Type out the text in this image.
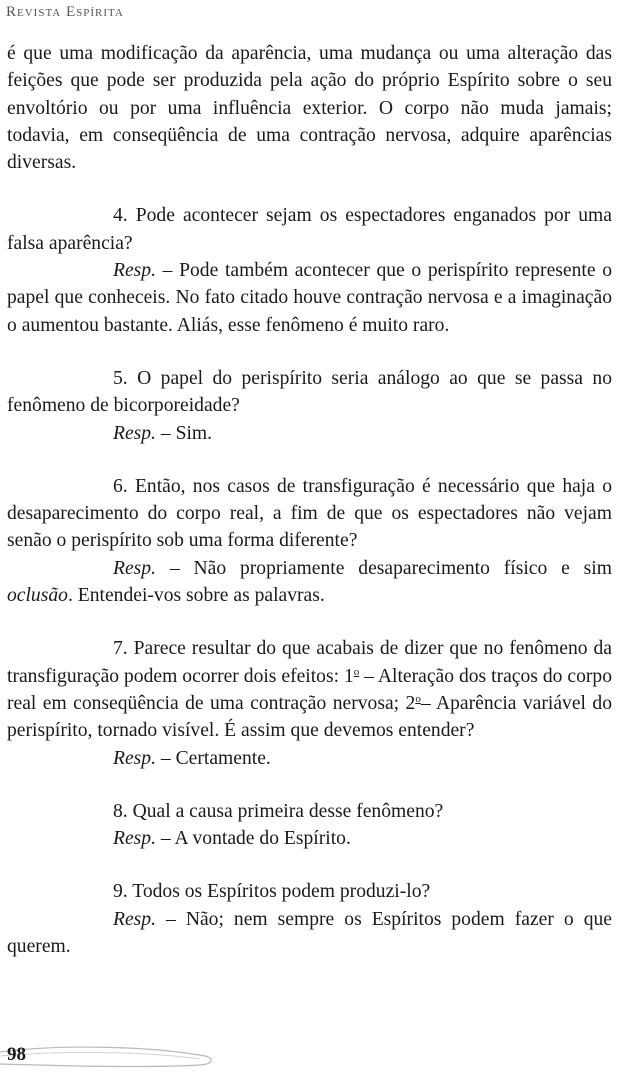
Revista Espírita

é que uma modificação da aparência, uma mudança ou uma alteração das feições que pode ser produzida pela ação do próprio Espírito sobre o seu envoltório ou por uma influência exterior. O corpo não muda jamais; todavia, em conseqüência de uma contração nervosa, adquire aparências diversas.

4. Pode acontecer sejam os espectadores enganados por uma falsa aparência?

Resp. – Pode também acontecer que o perispírito represente o papel que conheceis. No fato citado houve contração nervosa e a imaginação o aumentou bastante. Aliás, esse fenômeno é muito raro.

5. O papel do perispírito seria análogo ao que se passa no fenômeno de bicorporeidade?

Resp. – Sim.

6. Então, nos casos de transfiguração é necessário que haja o desaparecimento do corpo real, a fim de que os espectadores não vejam senão o perispírito sob uma forma diferente?

Resp. – Não propriamente desaparecimento físico e sim oclusão. Entendei-vos sobre as palavras.

7. Parece resultar do que acabais de dizer que no fenômeno da transfiguração podem ocorrer dois efeitos: 1$^o$ – Alteração dos traços do corpo real em conseqüência de uma contração nervosa; 2$^o$– Aparência variável do perispírito, tornado visível. É assim que devemos entender?

Resp. – Certamente.

8. Qual a causa primeira desse fenômeno?

Resp. – A vontade do Espírito.

9. Todos os Espíritos podem produzi-lo?

Resp. – Não; nem sempre os Espíritos podem fazer o que querem.

98
